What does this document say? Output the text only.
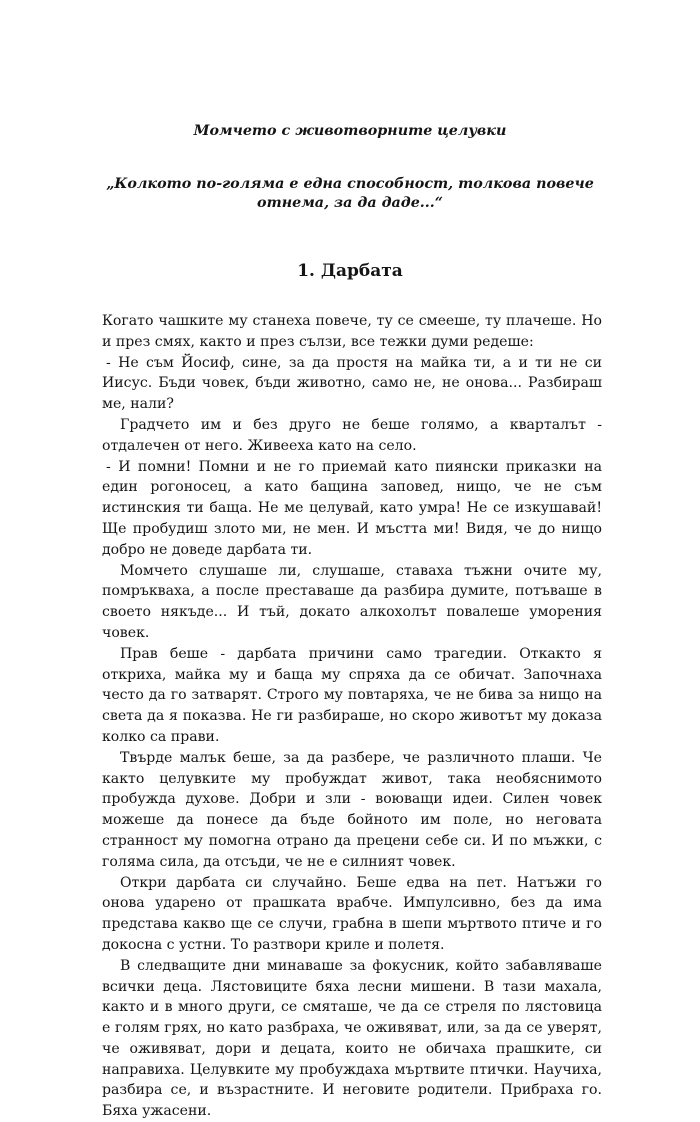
Момчето с животворните целувки
„Колкото по-голяма е една способност, толкова повече отнема, за да даде...“
1. Дарбата

Когато чашките му станеха повече, ту се смееше, ту плачеше. Но и през смях, както и през сълзи, все тежки думи редеше:

- Не съм Йосиф, сине, за да простя на майка ти, а и ти не си Иисус. Бъди човек, бъди животно, само не, не онова... Разбираш ме, нали?

Градчето им и без друго не беше голямо, а кварталът - отдалечен от него. Живееха като на село.

- И помни! Помни и не го приемай като пиянски приказки на един рогоносец, а като бащина заповед, нищо, че не съм истинския ти баща. Не ме целувай, като умра! Не се изкушавай! Ще пробудиш злото ми, не мен. И мъстта ми! Видя, че до нищо добро не доведе дарбата ти.

Момчето слушаше ли, слушаше, ставаха тъжни очите му, помръкваха, а после преставаше да разбира думите, потъваше в своето някъде... И тъй, докато алкохолът повалеше уморения човек.

Прав беше - дарбата причини само трагедии. Откакто я откриха, майка му и баща му спряха да се обичат. Започнаха често да го затварят. Строго му повтаряха, че не бива за нищо на света да я показва. Не ги разбираше, но скоро животът му доказа колко са прави.

Твърде малък беше, за да разбере, че различното плаши. Че както целувките му пробуждат живот, така необяснимото пробужда духове. Добри и зли - воюващи идеи. Силен човек можеше да понесе да бъде бойното им поле, но неговата странност му помогна отрано да прецени себе си. И по мъжки, с голяма сила, да отсъди, че не е силният човек.

Откри дарбата си случайно. Беше едва на пет. Натъжи го онова ударено от прашката врабче. Импулсивно, без да има представа какво ще се случи, грабна в шепи мъртвото птиче и го докосна с устни. То разтвори криле и полетя.

В следващите дни минаваше за фокусник, който забавляваше всички деца. Лястовиците бяха лесни мишени. В тази махала, както и в много други, се смяташе, че да се стреля по лястовица е голям грях, но като разбраха, че оживяват, или, за да се уверят, че оживяват, дори и децата, които не обичаха прашките, си направиха. Целувките му пробуждаха мъртвите птички. Научиха, разбира се, и възрастните. И неговите родители. Прибраха го. Бяха ужасени.
